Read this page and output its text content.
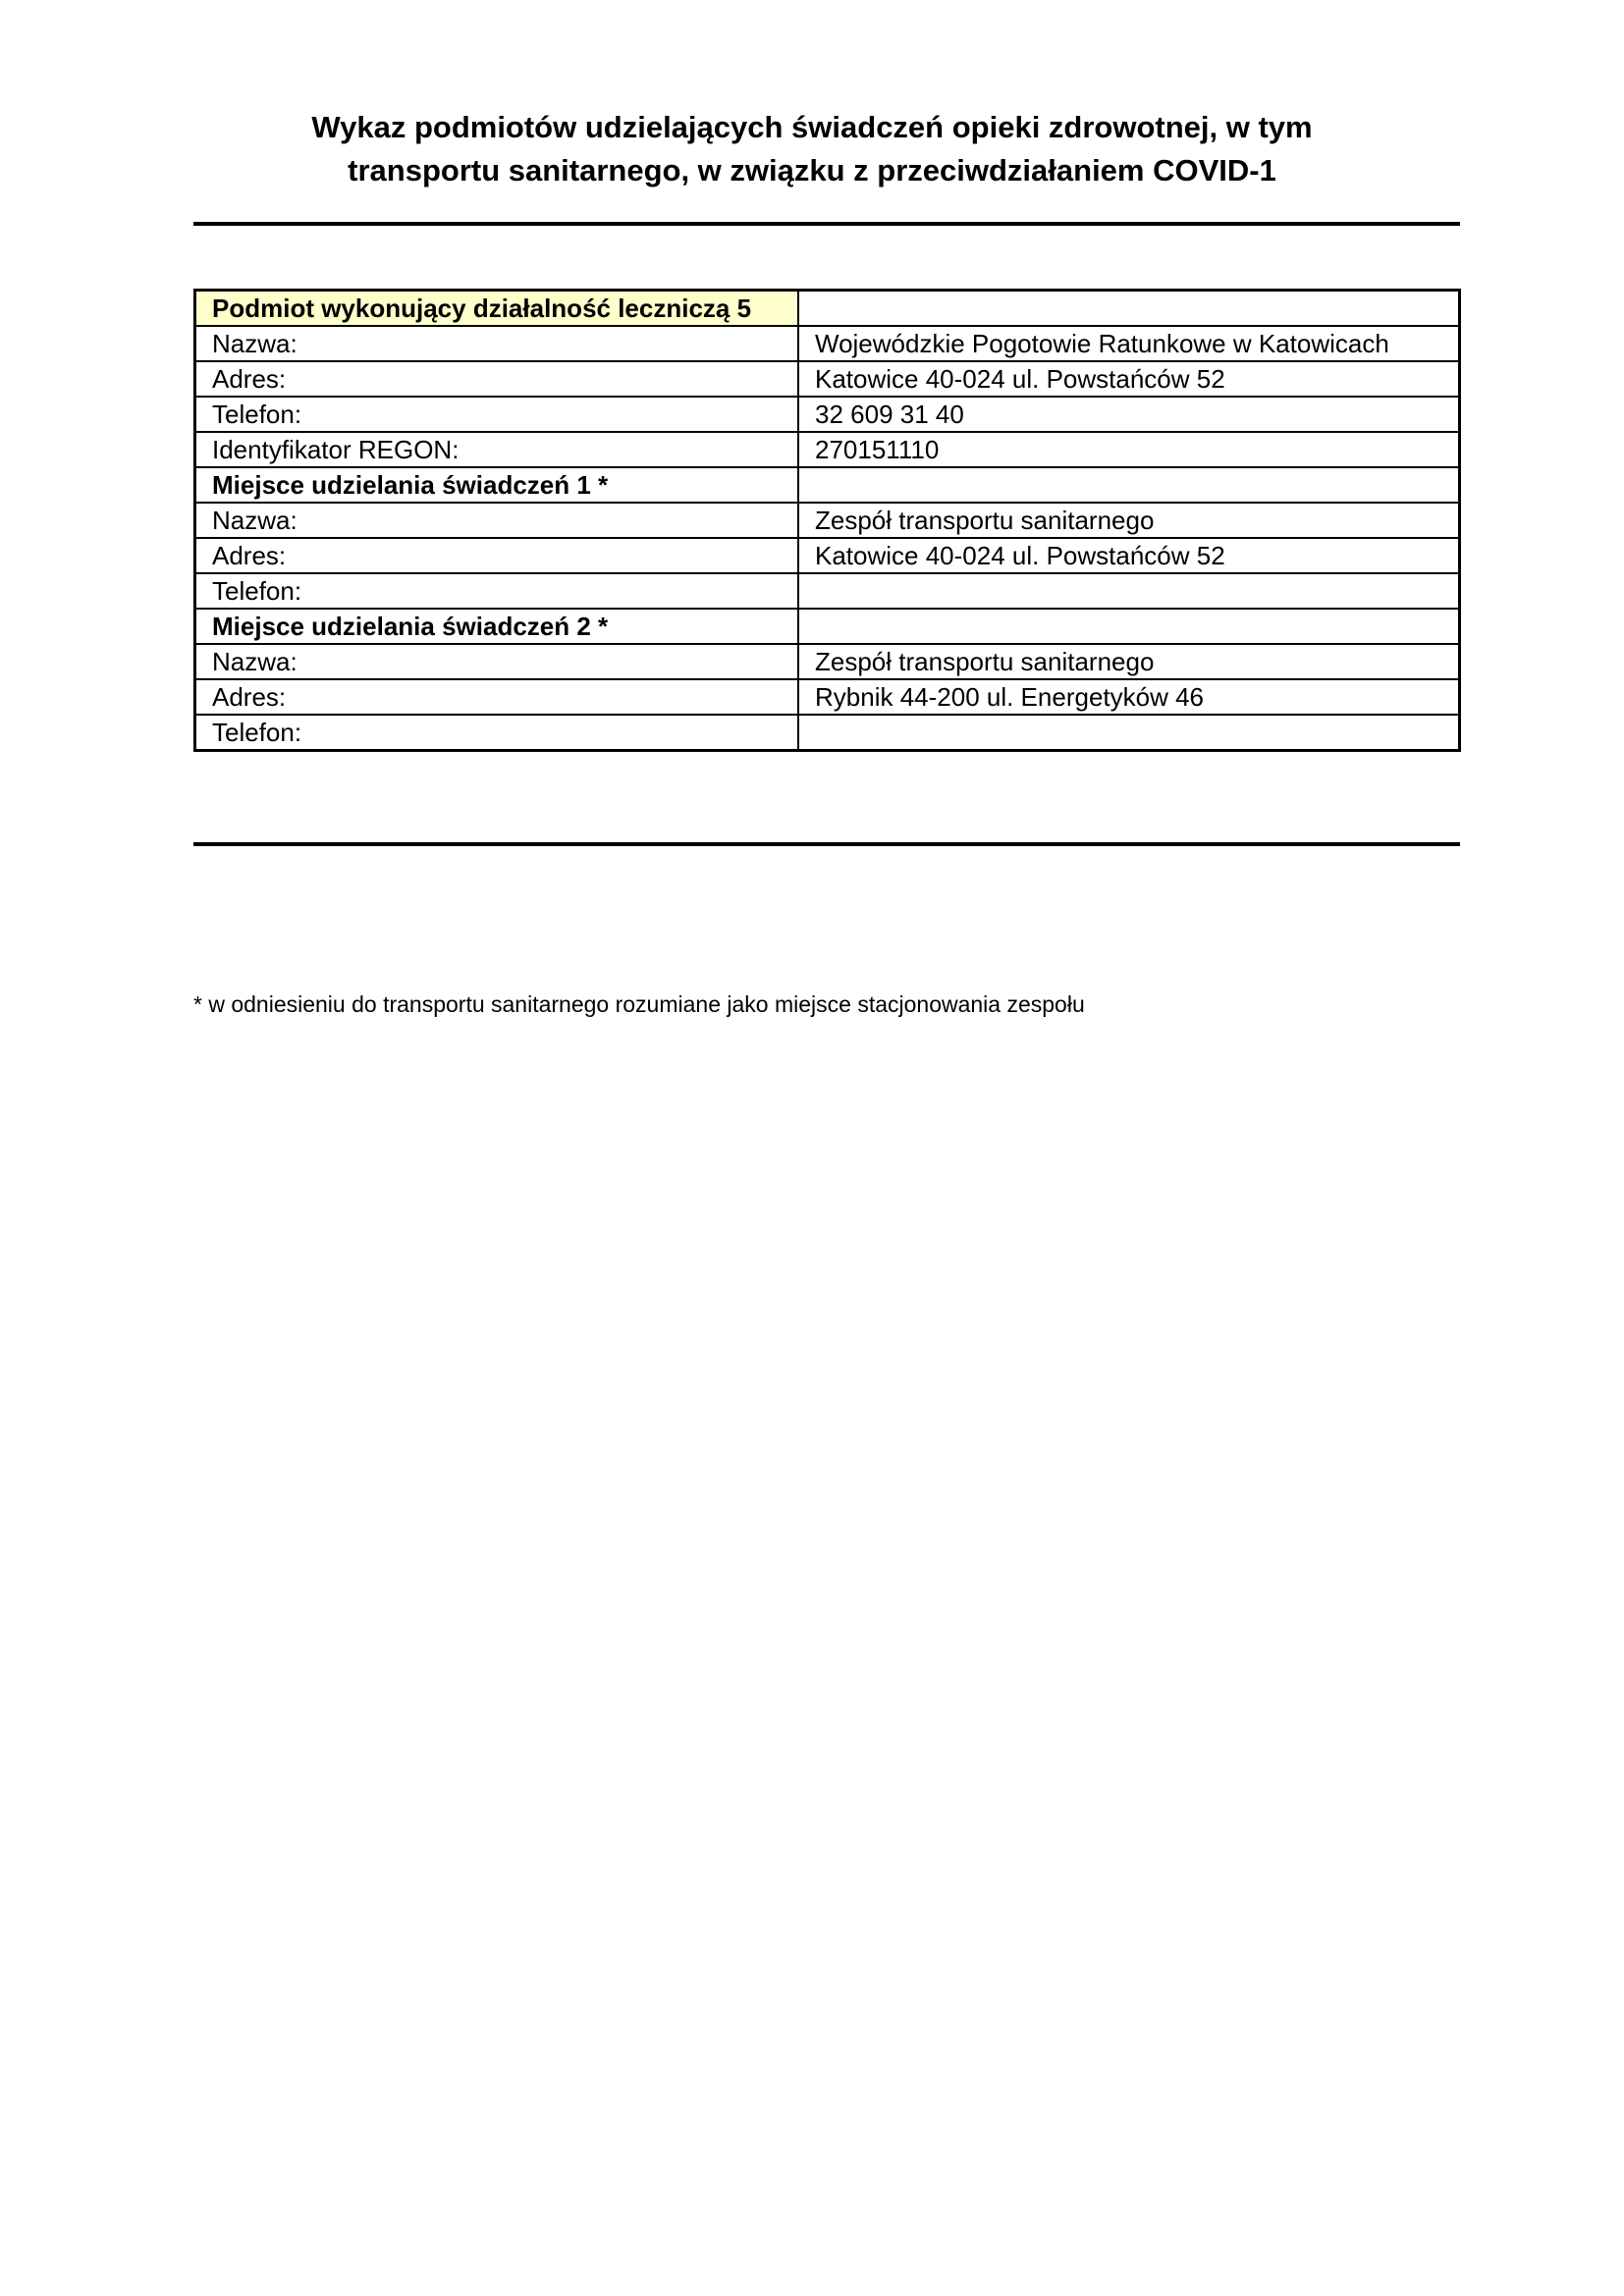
Wykaz podmiotów udzielających świadczeń opieki zdrowotnej, w tym
transportu sanitarnego, w związku z przeciwdziałaniem COVID-1
Podmiot wykonujący działalność leczniczą 5	
Nazwa:	Wojewódzkie Pogotowie Ratunkowe w Katowicach
Adres:	Katowice 40-024 ul. Powstańców 52
Telefon:	32 609 31 40
Identyfikator REGON:	270151110
Miejsce udzielania świadczeń 1 *	
Nazwa:	Zespół transportu sanitarnego
Adres:	Katowice 40-024 ul. Powstańców 52
Telefon:	
Miejsce udzielania świadczeń 2 *	
Nazwa:	Zespół transportu sanitarnego
Adres:	Rybnik 44-200 ul. Energetyków 46
Telefon:	
* w odniesieniu do transportu sanitarnego rozumiane jako miejsce stacjonowania zespołu
